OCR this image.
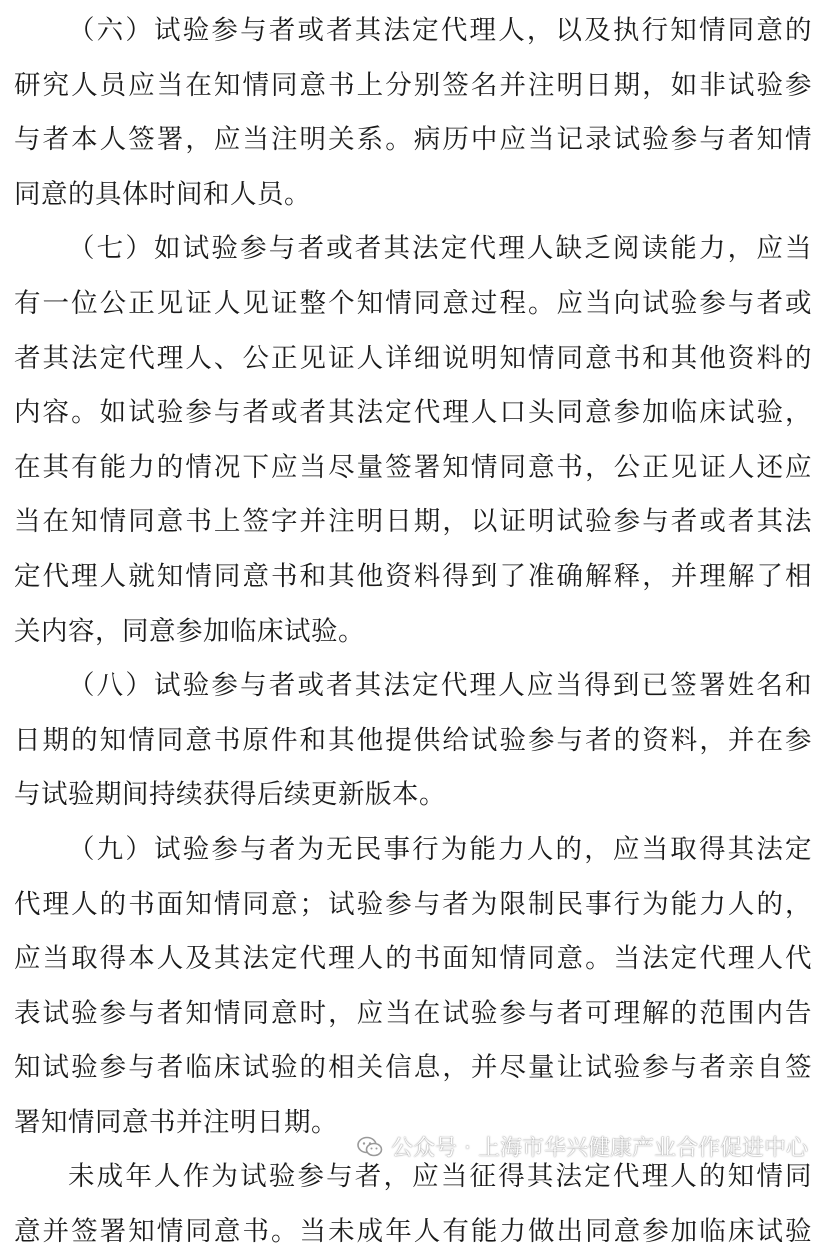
（六）试验参与者或者其法定代理人，以及执行知情同意的
研究人员应当在知情同意书上分别签名并注明日期，如非试验参
与者本人签署，应当注明关系。病历中应当记录试验参与者知情
同意的具体时间和人员。
（七）如试验参与者或者其法定代理人缺乏阅读能力，应当
有一位公正见证人见证整个知情同意过程。应当向试验参与者或
者其法定代理人、公正见证人详细说明知情同意书和其他资料的
内容。如试验参与者或者其法定代理人口头同意参加临床试验，
在其有能力的情况下应当尽量签署知情同意书，公正见证人还应
当在知情同意书上签字并注明日期，以证明试验参与者或者其法
定代理人就知情同意书和其他资料得到了准确解释，并理解了相
关内容，同意参加临床试验。
（八）试验参与者或者其法定代理人应当得到已签署姓名和
日期的知情同意书原件和其他提供给试验参与者的资料，并在参
与试验期间持续获得后续更新版本。
（九）试验参与者为无民事行为能力人的，应当取得其法定
代理人的书面知情同意；试验参与者为限制民事行为能力人的，
应当取得本人及其法定代理人的书面知情同意。当法定代理人代
表试验参与者知情同意时，应当在试验参与者可理解的范围内告
知试验参与者临床试验的相关信息，并尽量让试验参与者亲自签
署知情同意书并注明日期。
未成年人作为试验参与者，应当征得其法定代理人的知情同
意并签署知情同意书。当未成年人有能力做出同意参加临床试验
公众号 · 上海市华兴健康产业合作促进中心
